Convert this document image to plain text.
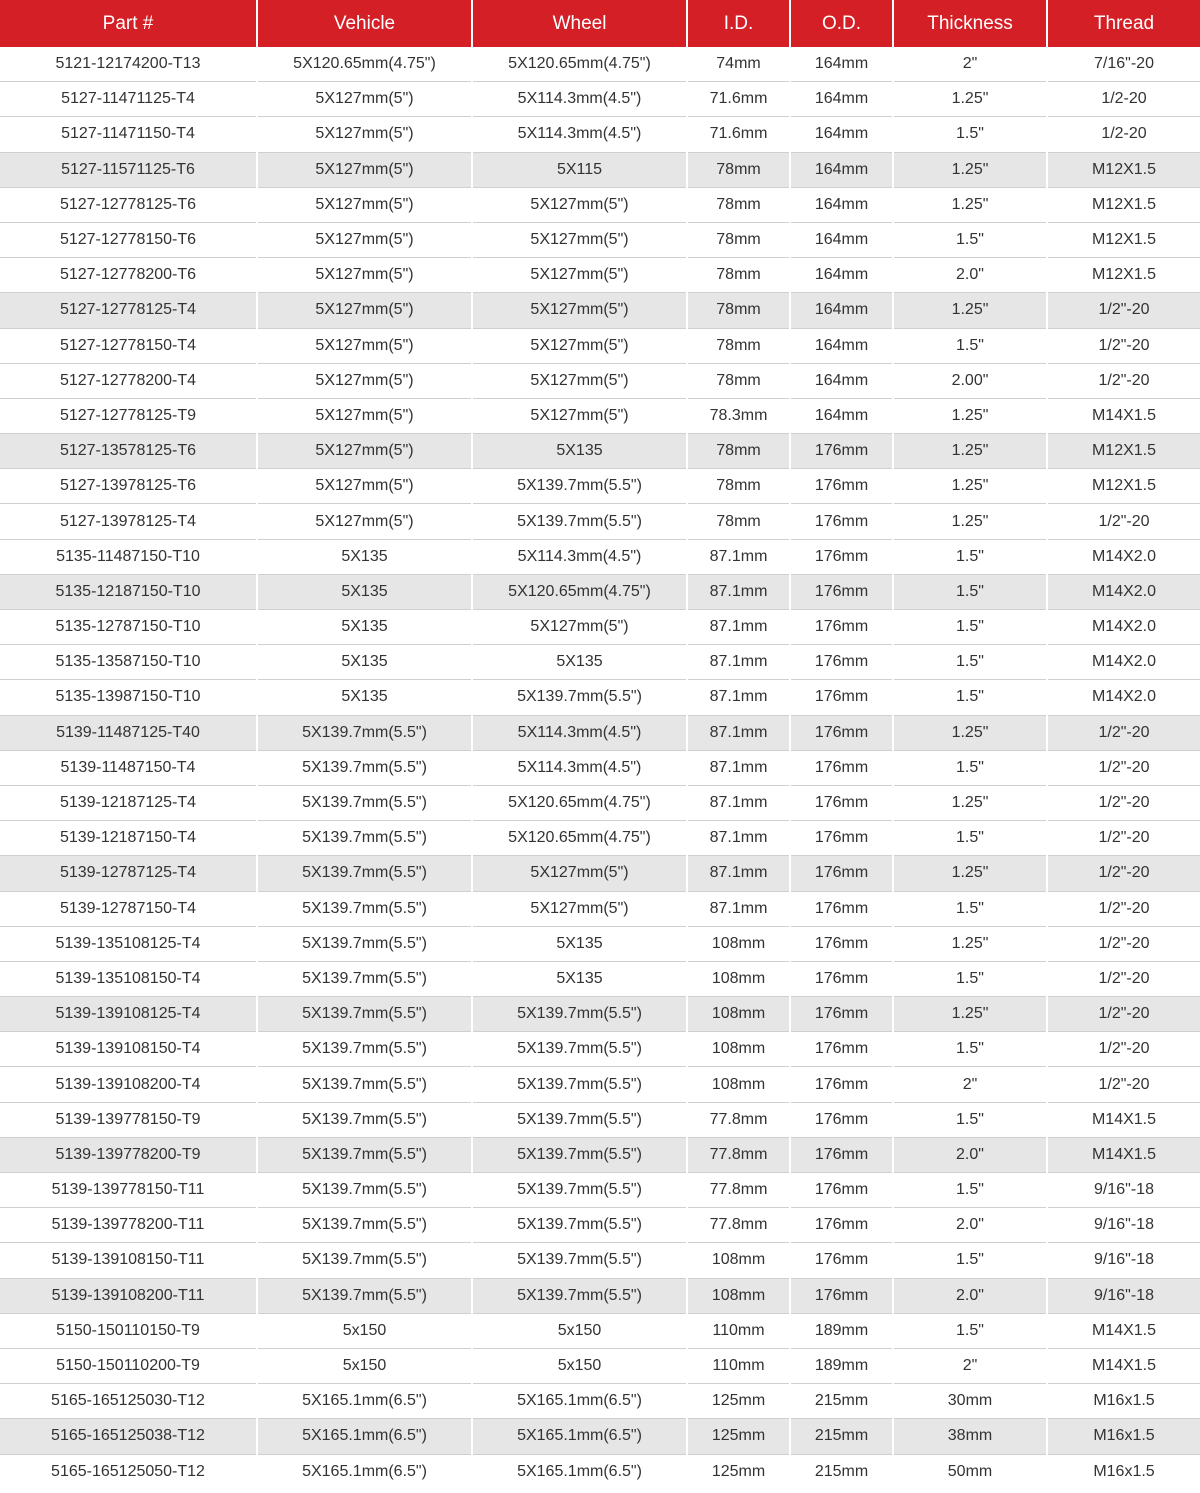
Part #	Vehicle	Wheel	I.D.	O.D.	Thickness	Thread
5121-12174200-T13	5X120.65mm(4.75")	5X120.65mm(4.75")	74mm	164mm	2"	7/16"-20
5127-11471125-T4	5X127mm(5")	5X114.3mm(4.5")	71.6mm	164mm	1.25"	1/2-20
5127-11471150-T4	5X127mm(5")	5X114.3mm(4.5")	71.6mm	164mm	1.5"	1/2-20
5127-11571125-T6	5X127mm(5")	5X115	78mm	164mm	1.25"	M12X1.5
5127-12778125-T6	5X127mm(5")	5X127mm(5")	78mm	164mm	1.25"	M12X1.5
5127-12778150-T6	5X127mm(5")	5X127mm(5")	78mm	164mm	1.5"	M12X1.5
5127-12778200-T6	5X127mm(5")	5X127mm(5")	78mm	164mm	2.0"	M12X1.5
5127-12778125-T4	5X127mm(5")	5X127mm(5")	78mm	164mm	1.25"	1/2"-20
5127-12778150-T4	5X127mm(5")	5X127mm(5")	78mm	164mm	1.5"	1/2"-20
5127-12778200-T4	5X127mm(5")	5X127mm(5")	78mm	164mm	2.00"	1/2"-20
5127-12778125-T9	5X127mm(5")	5X127mm(5")	78.3mm	164mm	1.25"	M14X1.5
5127-13578125-T6	5X127mm(5")	5X135	78mm	176mm	1.25"	M12X1.5
5127-13978125-T6	5X127mm(5")	5X139.7mm(5.5")	78mm	176mm	1.25"	M12X1.5
5127-13978125-T4	5X127mm(5")	5X139.7mm(5.5")	78mm	176mm	1.25"	1/2"-20
5135-11487150-T10	5X135	5X114.3mm(4.5")	87.1mm	176mm	1.5"	M14X2.0
5135-12187150-T10	5X135	5X120.65mm(4.75")	87.1mm	176mm	1.5"	M14X2.0
5135-12787150-T10	5X135	5X127mm(5")	87.1mm	176mm	1.5"	M14X2.0
5135-13587150-T10	5X135	5X135	87.1mm	176mm	1.5"	M14X2.0
5135-13987150-T10	5X135	5X139.7mm(5.5")	87.1mm	176mm	1.5"	M14X2.0
5139-11487125-T40	5X139.7mm(5.5")	5X114.3mm(4.5")	87.1mm	176mm	1.25"	1/2"-20
5139-11487150-T4	5X139.7mm(5.5")	5X114.3mm(4.5")	87.1mm	176mm	1.5"	1/2"-20
5139-12187125-T4	5X139.7mm(5.5")	5X120.65mm(4.75")	87.1mm	176mm	1.25"	1/2"-20
5139-12187150-T4	5X139.7mm(5.5")	5X120.65mm(4.75")	87.1mm	176mm	1.5"	1/2"-20
5139-12787125-T4	5X139.7mm(5.5")	5X127mm(5")	87.1mm	176mm	1.25"	1/2"-20
5139-12787150-T4	5X139.7mm(5.5")	5X127mm(5")	87.1mm	176mm	1.5"	1/2"-20
5139-135108125-T4	5X139.7mm(5.5")	5X135	108mm	176mm	1.25"	1/2"-20
5139-135108150-T4	5X139.7mm(5.5")	5X135	108mm	176mm	1.5"	1/2"-20
5139-139108125-T4	5X139.7mm(5.5")	5X139.7mm(5.5")	108mm	176mm	1.25"	1/2"-20
5139-139108150-T4	5X139.7mm(5.5")	5X139.7mm(5.5")	108mm	176mm	1.5"	1/2"-20
5139-139108200-T4	5X139.7mm(5.5")	5X139.7mm(5.5")	108mm	176mm	2"	1/2"-20
5139-139778150-T9	5X139.7mm(5.5")	5X139.7mm(5.5")	77.8mm	176mm	1.5"	M14X1.5
5139-139778200-T9	5X139.7mm(5.5")	5X139.7mm(5.5")	77.8mm	176mm	2.0"	M14X1.5
5139-139778150-T11	5X139.7mm(5.5")	5X139.7mm(5.5")	77.8mm	176mm	1.5"	9/16"-18
5139-139778200-T11	5X139.7mm(5.5")	5X139.7mm(5.5")	77.8mm	176mm	2.0"	9/16"-18
5139-139108150-T11	5X139.7mm(5.5")	5X139.7mm(5.5")	108mm	176mm	1.5"	9/16"-18
5139-139108200-T11	5X139.7mm(5.5")	5X139.7mm(5.5")	108mm	176mm	2.0"	9/16"-18
5150-150110150-T9	5x150	5x150	110mm	189mm	1.5"	M14X1.5
5150-150110200-T9	5x150	5x150	110mm	189mm	2"	M14X1.5
5165-165125030-T12	5X165.1mm(6.5")	5X165.1mm(6.5")	125mm	215mm	30mm	M16x1.5
5165-165125038-T12	5X165.1mm(6.5")	5X165.1mm(6.5")	125mm	215mm	38mm	M16x1.5
5165-165125050-T12	5X165.1mm(6.5")	5X165.1mm(6.5")	125mm	215mm	50mm	M16x1.5
